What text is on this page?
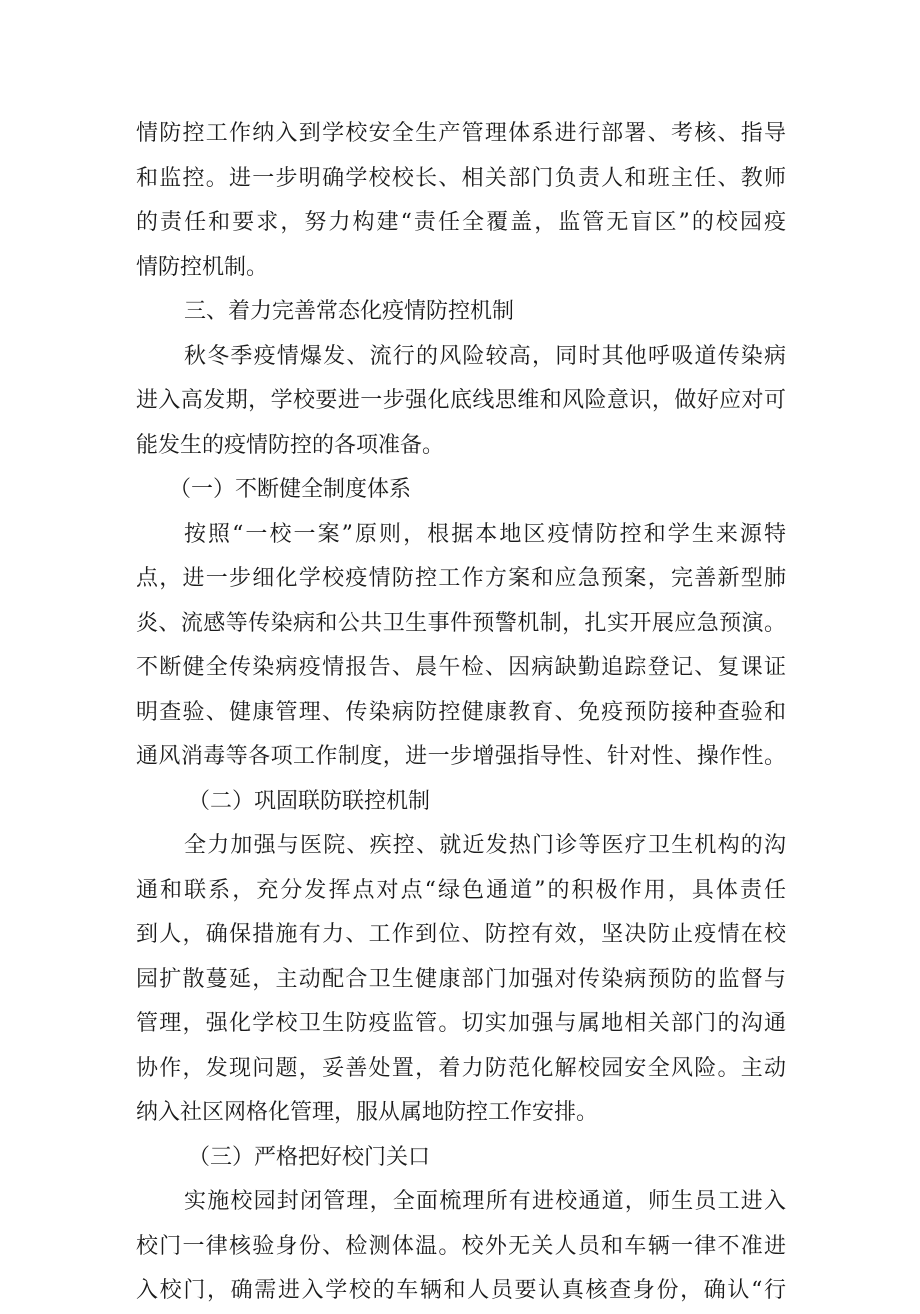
情防控工作纳入到学校安全生产管理体系进行部署、考核、指导
和监控。进一步明确学校校长、相关部门负责人和班主任、教师
的责任和要求，努力构建“责任全覆盖，监管无盲区”的校园疫
情防控机制。
三、着力完善常态化疫情防控机制
秋冬季疫情爆发、流行的风险较高，同时其他呼吸道传染病
进入高发期，学校要进一步强化底线思维和风险意识，做好应对可
能发生的疫情防控的各项准备。
（一）不断健全制度体系
按照“一校一案”原则，根据本地区疫情防控和学生来源特
点，进一步细化学校疫情防控工作方案和应急预案，完善新型肺
炎、流感等传染病和公共卫生事件预警机制，扎实开展应急预演。
不断健全传染病疫情报告、晨午检、因病缺勤追踪登记、复课证
明查验、健康管理、传染病防控健康教育、免疫预防接种查验和
通风消毒等各项工作制度，进一步增强指导性、针对性、操作性。
（二）巩固联防联控机制
全力加强与医院、疾控、就近发热门诊等医疗卫生机构的沟
通和联系，充分发挥点对点“绿色通道”的积极作用，具体责任
到人，确保措施有力、工作到位、防控有效，坚决防止疫情在校
园扩散蔓延，主动配合卫生健康部门加强对传染病预防的监督与
管理，强化学校卫生防疫监管。切实加强与属地相关部门的沟通
协作，发现问题，妥善处置，着力防范化解校园安全风险。主动
纳入社区网格化管理，服从属地防控工作安排。
（三）严格把好校门关口
实施校园封闭管理，全面梳理所有进校通道，师生员工进入
校门一律核验身份、检测体温。校外无关人员和车辆一律不准进
入校门，确需进入学校的车辆和人员要认真核查身份，确认“行
